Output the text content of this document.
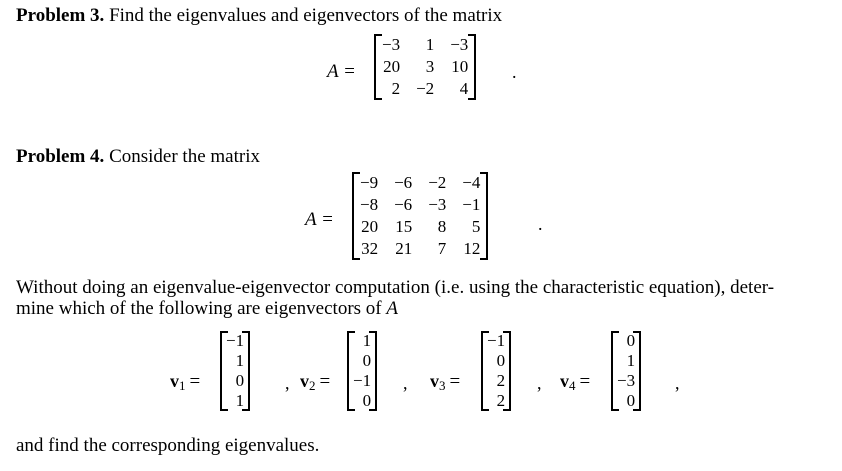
Problem 3. Find the eigenvalues and eigenvectors of the matrix
A =
−3	1	−3
20	3	10
2	−2	4
.
Problem 4. Consider the matrix
A =
−9	−6	−2	−4
−8	−6	−3	−1
20	15	8	5
32	21	7	12
.
Without doing an eigenvalue-eigenvector computation (i.e. using the characteristic equation), deter-
mine which of the following are eigenvectors of A
$v_1$ =
−1
1
0
1
, $v_2$ =
1
0
−1
0
, $v_3$ =
−1
0
2
2
, $v_4$ =
0
1
−3
0
,
and find the corresponding eigenvalues.
